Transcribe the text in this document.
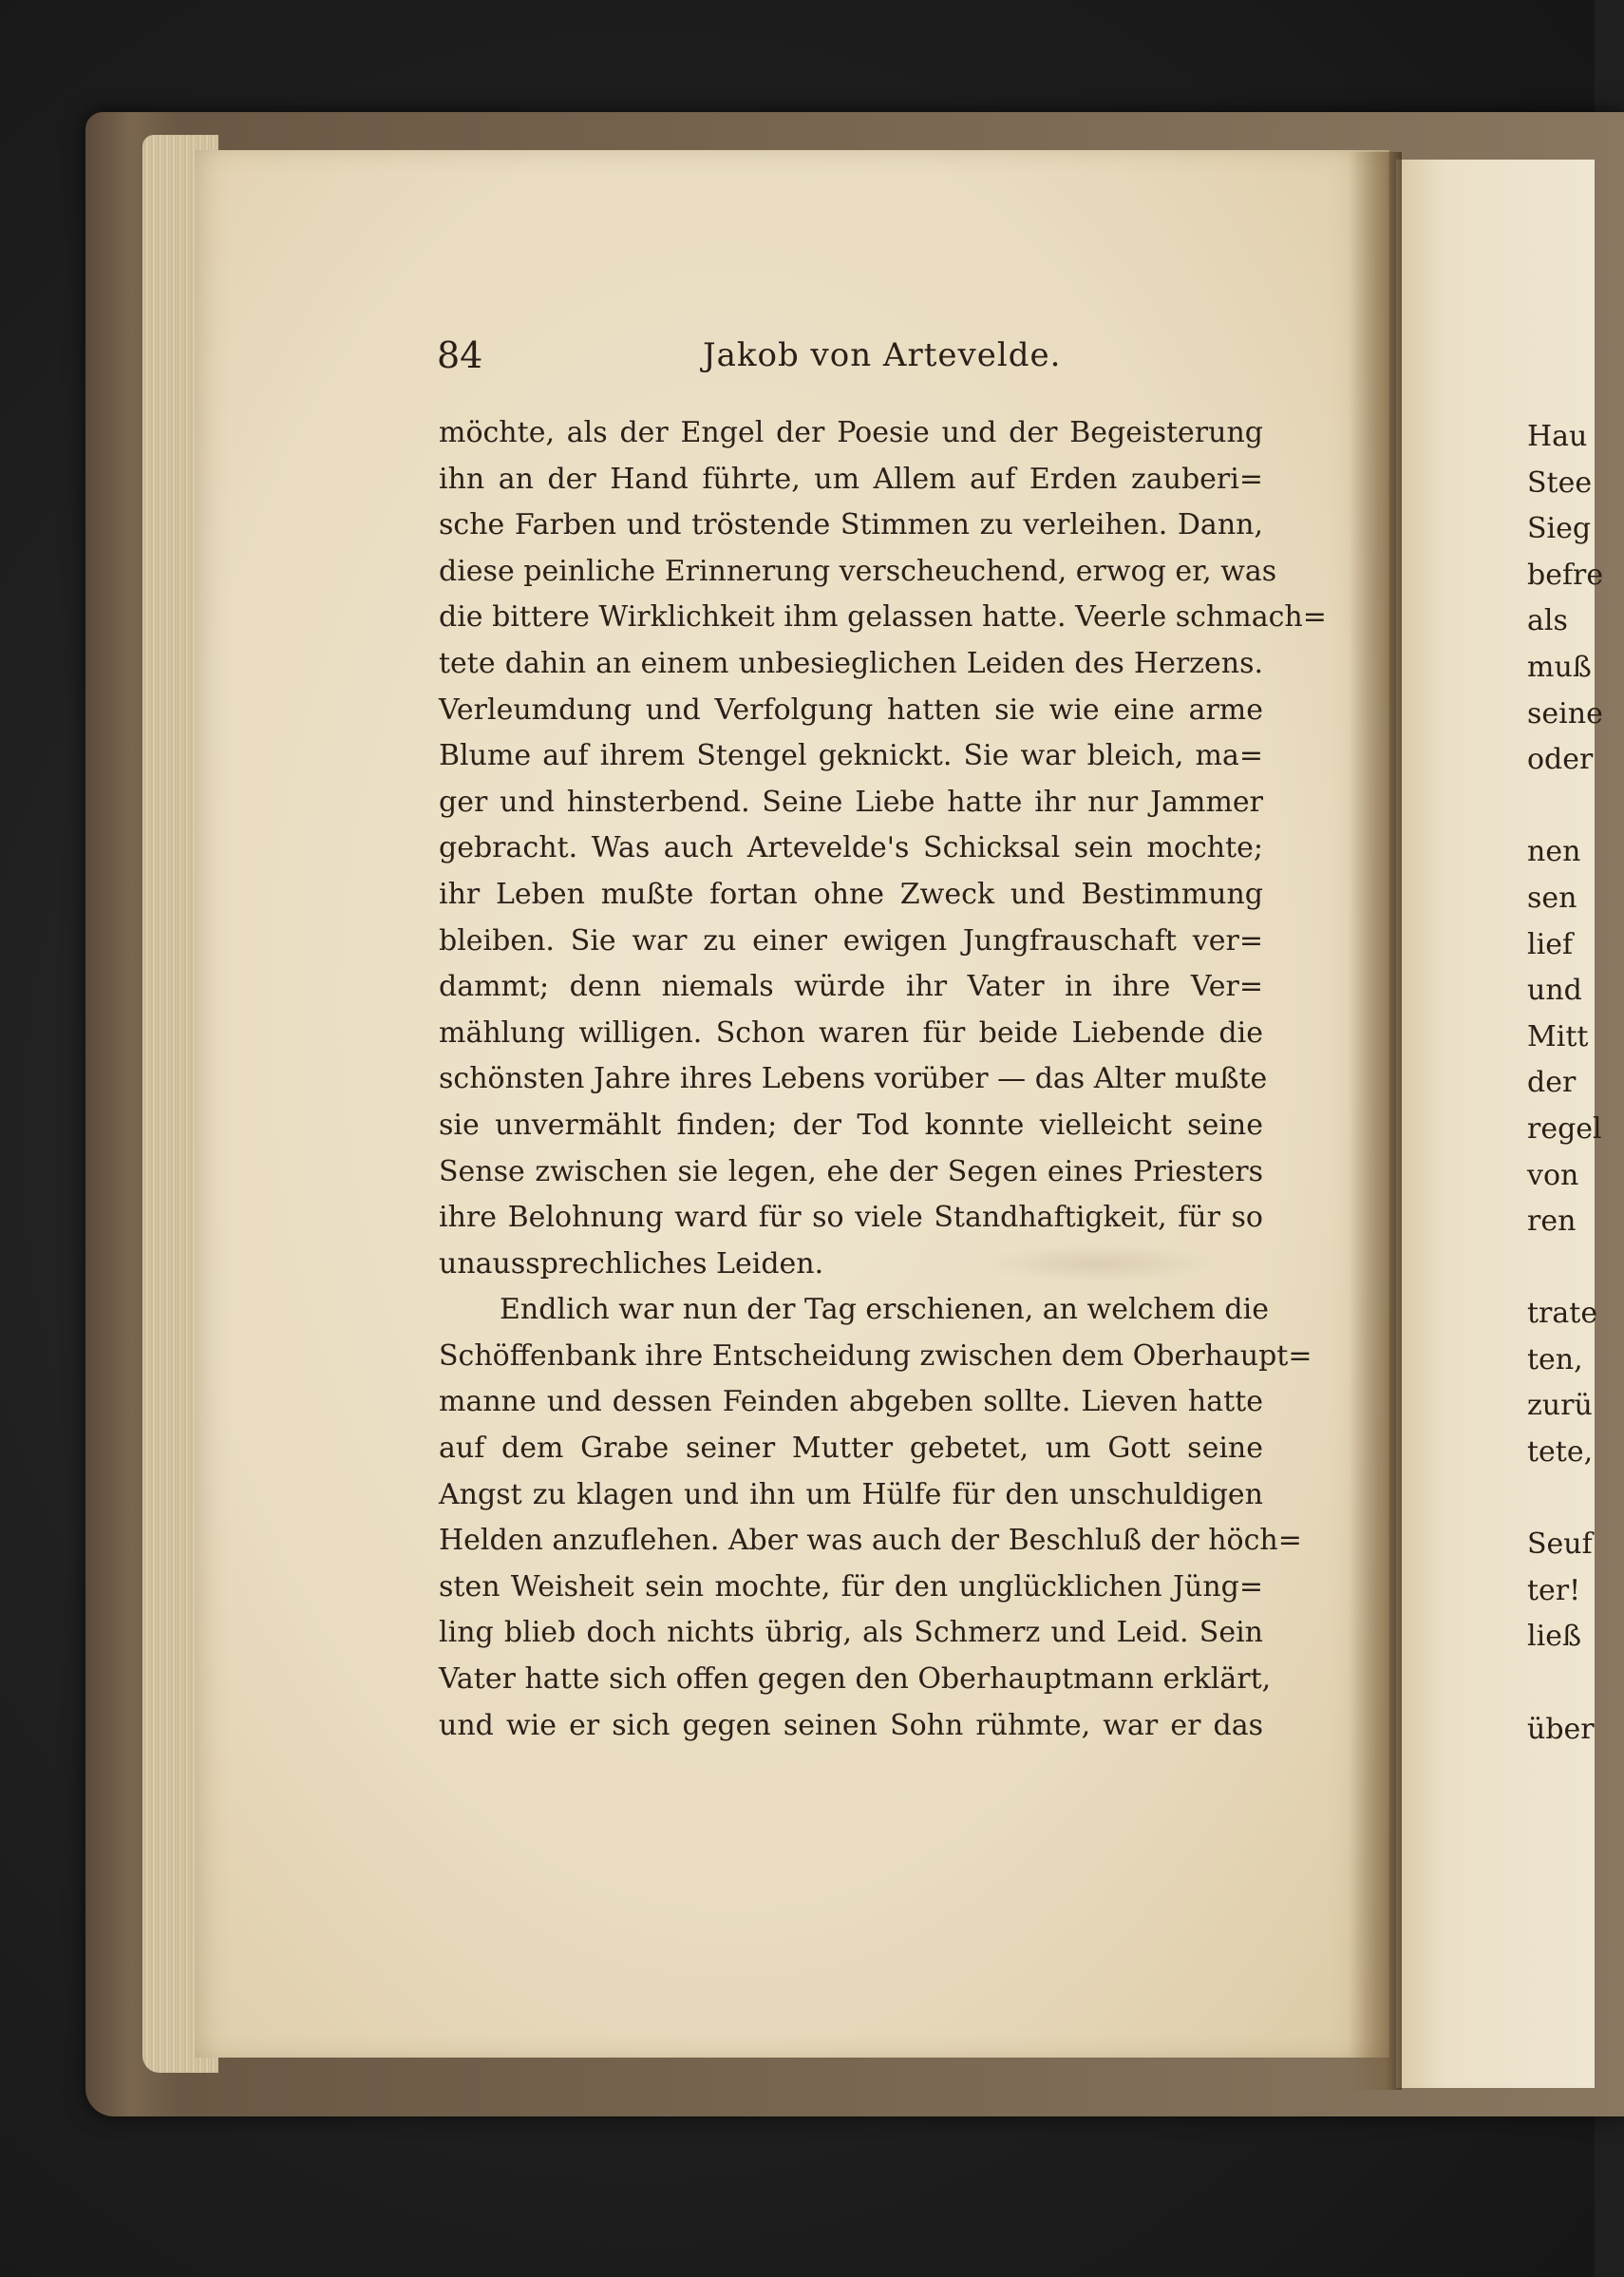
84	Jakob von Artevelde.
möchte, als der Engel der Poesie und der Begeisterung
ihn an der Hand führte, um Allem auf Erden zauberi=
sche Farben und tröstende Stimmen zu verleihen. Dann,
diese peinliche Erinnerung verscheuchend, erwog er, was
die bittere Wirklichkeit ihm gelassen hatte. Veerle schmach=
tete dahin an einem unbesieglichen Leiden des Herzens.
Verleumdung und Verfolgung hatten sie wie eine arme
Blume auf ihrem Stengel geknickt. Sie war bleich, ma=
ger und hinsterbend. Seine Liebe hatte ihr nur Jammer
gebracht. Was auch Artevelde's Schicksal sein mochte;
ihr Leben mußte fortan ohne Zweck und Bestimmung
bleiben. Sie war zu einer ewigen Jungfrauschaft ver=
dammt; denn niemals würde ihr Vater in ihre Ver=
mählung willigen. Schon waren für beide Liebende die
schönsten Jahre ihres Lebens vorüber — das Alter mußte
sie unvermählt finden; der Tod konnte vielleicht seine
Sense zwischen sie legen, ehe der Segen eines Priesters
ihre Belohnung ward für so viele Standhaftigkeit, für so
unaussprechliches Leiden.
Endlich war nun der Tag erschienen, an welchem die
Schöffenbank ihre Entscheidung zwischen dem Oberhaupt=
manne und dessen Feinden abgeben sollte. Lieven hatte
auf dem Grabe seiner Mutter gebetet, um Gott seine
Angst zu klagen und ihn um Hülfe für den unschuldigen
Helden anzuflehen. Aber was auch der Beschluß der höch=
sten Weisheit sein mochte, für den unglücklichen Jüng=
ling blieb doch nichts übrig, als Schmerz und Leid. Sein
Vater hatte sich offen gegen den Oberhauptmann erklärt,
und wie er sich gegen seinen Sohn rühmte, war er das
Hau
Stee
Sieg
befre
als
muß
seine
oder
nen
sen
lief
und
Mitt
der
regel
von
ren
trate
ten,
zurü
tete,
Seuf
ter!
ließ
über
